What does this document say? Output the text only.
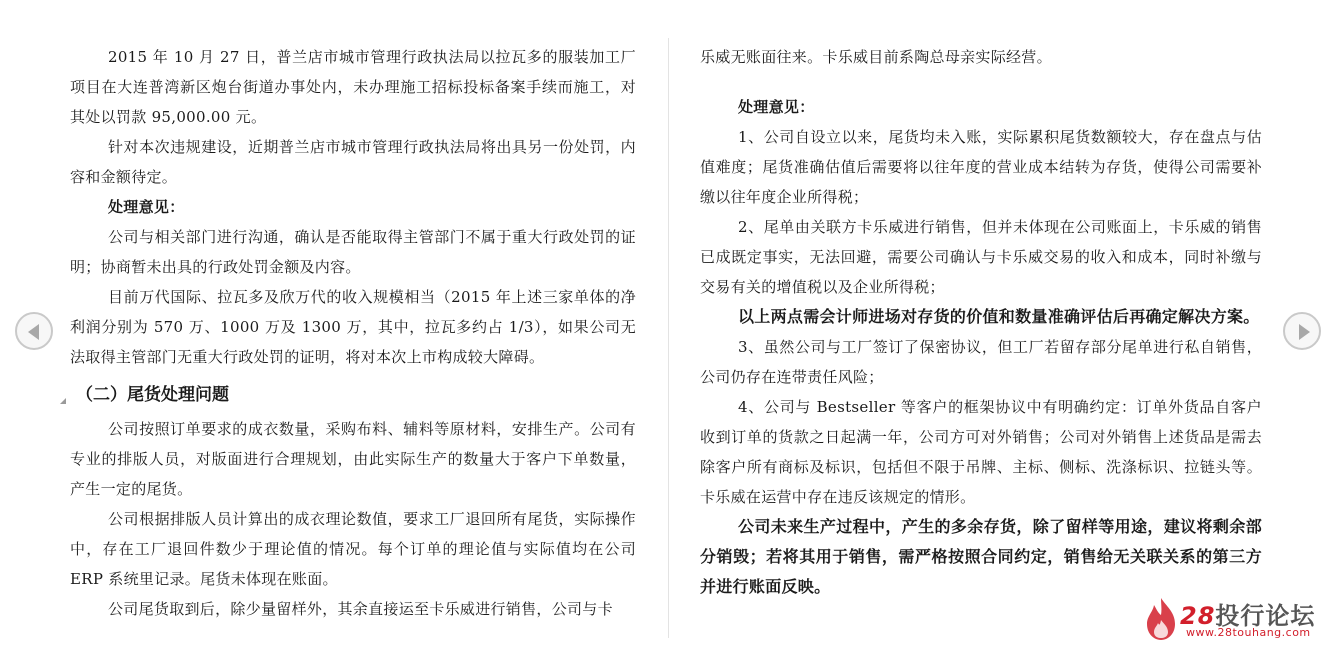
2015 年 10 月 27 日，普兰店市城市管理行政执法局以拉瓦多的服装加工厂项目在大连普湾新区炮台街道办事处内，未办理施工招标投标备案手续而施工，对其处以罚款 95,000.00 元。

针对本次违规建设，近期普兰店市城市管理行政执法局将出具另一份处罚，内容和金额待定。

处理意见：

公司与相关部门进行沟通，确认是否能取得主管部门不属于重大行政处罚的证明；协商暂未出具的行政处罚金额及内容。

目前万代国际、拉瓦多及欣万代的收入规模相当（2015 年上述三家单体的净利润分别为 570 万、1000 万及 1300 万，其中，拉瓦多约占 1/3），如果公司无法取得主管部门无重大行政处罚的证明，将对本次上市构成较大障碍。

（二）尾货处理问题

公司按照订单要求的成衣数量，采购布料、辅料等原材料，安排生产。公司有专业的排版人员，对版面进行合理规划，由此实际生产的数量大于客户下单数量，产生一定的尾货。

公司根据排版人员计算出的成衣理论数值，要求工厂退回所有尾货，实际操作中，存在工厂退回件数少于理论值的情况。每个订单的理论值与实际值均在公司 ERP 系统里记录。尾货未体现在账面。

公司尾货取到后，除少量留样外，其余直接运至卡乐威进行销售，公司与卡

乐威无账面往来。卡乐威目前系陶总母亲实际经营。

处理意见：

1、公司自设立以来，尾货均未入账，实际累积尾货数额较大，存在盘点与估值难度；尾货准确估值后需要将以往年度的营业成本结转为存货，使得公司需要补缴以往年度企业所得税；

2、尾单由关联方卡乐威进行销售，但并未体现在公司账面上，卡乐威的销售已成既定事实，无法回避，需要公司确认与卡乐威交易的收入和成本，同时补缴与交易有关的增值税以及企业所得税；

以上两点需会计师进场对存货的价值和数量准确评估后再确定解决方案。

3、虽然公司与工厂签订了保密协议，但工厂若留存部分尾单进行私自销售，公司仍存在连带责任风险；

4、公司与 Bestseller 等客户的框架协议中有明确约定：订单外货品自客户收到订单的货款之日起满一年，公司方可对外销售；公司对外销售上述货品是需去除客户所有商标及标识，包括但不限于吊牌、主标、侧标、洗涤标识、拉链头等。卡乐威在运营中存在违反该规定的情形。

公司未来生产过程中，产生的多余存货，除了留样等用途，建议将剩余部分销毁；若将其用于销售，需严格按照合同约定，销售给无关联关系的第三方并进行账面反映。

28投行论坛
www.28touhang.com
